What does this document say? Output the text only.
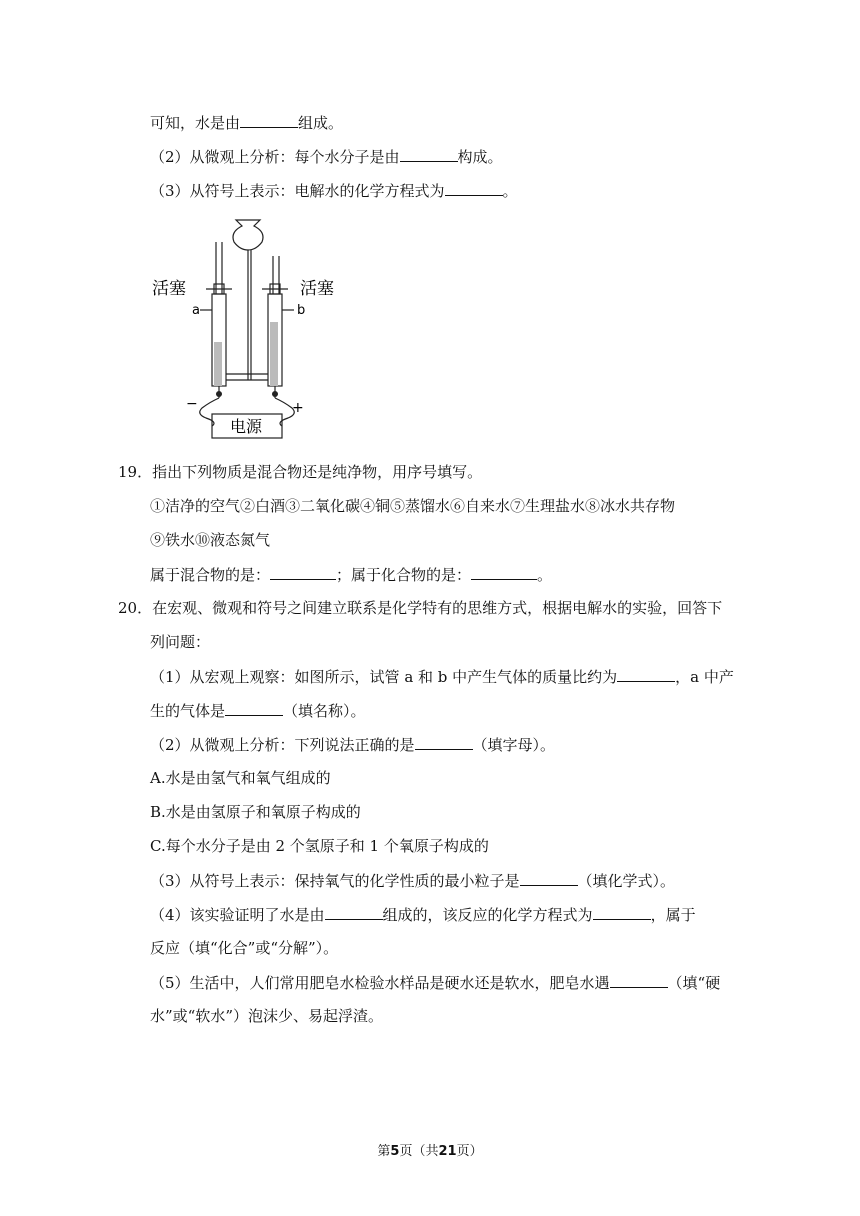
可知，水是由	组成。
（2）从微观上分析：每个水分子是由	构成。
（3）从符号上表示：电解水的化学方程式为	。
活塞	活塞
a	b
−	+
电源
19．指出下列物质是混合物还是纯净物，用序号填写。
①洁净的空气②白酒③二氧化碳④铜⑤蒸馏水⑥自来水⑦生理盐水⑧冰水共存物
⑨铁水⑩液态氮气
属于混合物的是：	；属于化合物的是：	。
20．在宏观、微观和符号之间建立联系是化学特有的思维方式，根据电解水的实验，回答下
列问题：
（1）从宏观上观察：如图所示，试管 a 和 b 中产生气体的质量比约为	，a 中产
生的气体是	（填名称）。
（2）从微观上分析：下列说法正确的是	（填字母）。
A.水是由氢气和氧气组成的
B.水是由氢原子和氧原子构成的
C.每个水分子是由 2 个氢原子和 1 个氧原子构成的
（3）从符号上表示：保持氧气的化学性质的最小粒子是	（填化学式）。
（4）该实验证明了水是由	组成的，该反应的化学方程式为	，属于
反应（填“化合”或“分解”）。
（5）生活中，人们常用肥皂水检验水样品是硬水还是软水，肥皂水遇	（填“硬
水”或“软水”）泡沫少、易起浮渣。
第5页（共21页）
